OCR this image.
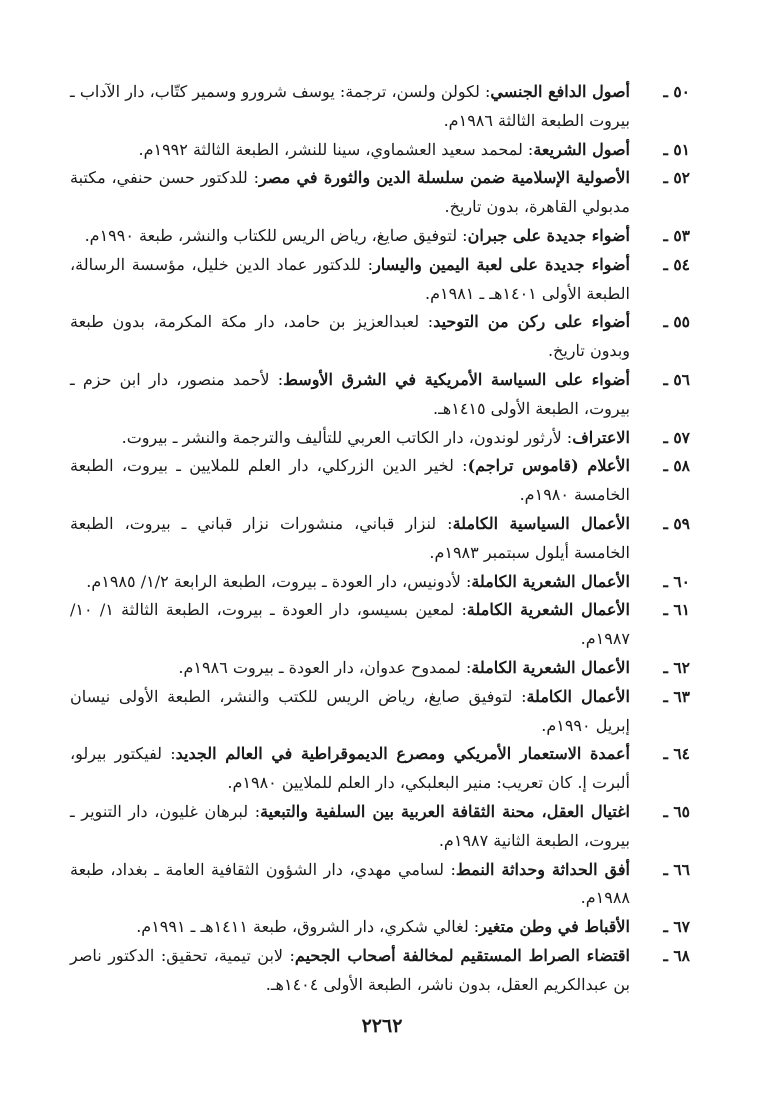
٥٠ ـ
أصول الدافع الجنسي: لكولن ولسن، ترجمة: يوسف شرورو وسمير كتّاب، دار الآداب ـ بيروت الطبعة الثالثة ١٩٨٦م.
٥١ ـ
أصول الشريعة: لمحمد سعيد العشماوي، سينا للنشر، الطبعة الثالثة ١٩٩٢م.
٥٢ ـ
الأصولية الإسلامية ضمن سلسلة الدين والثورة في مصر: للدكتور حسن حنفي، مكتبة مدبولي القاهرة، بدون تاريخ.
٥٣ ـ
أضواء جديدة على جبران: لتوفيق صايغ، رياض الريس للكتاب والنشر، طبعة ١٩٩٠م.
٥٤ ـ
أضواء جديدة على لعبة اليمين واليسار: للدكتور عماد الدين خليل، مؤسسة الرسالة، الطبعة الأولى ١٤٠١هـ ـ ١٩٨١م.
٥٥ ـ
أضواء على ركن من التوحيد: لعبدالعزيز بن حامد، دار مكة المكرمة، بدون طبعة وبدون تاريخ.
٥٦ ـ
أضواء على السياسة الأمريكية في الشرق الأوسط: لأحمد منصور، دار ابن حزم ـ بيروت، الطبعة الأولى ١٤١٥هـ.
٥٧ ـ
الاعتراف: لأرثور لوندون، دار الكاتب العربي للتأليف والترجمة والنشر ـ بيروت.
٥٨ ـ
الأعلام (قاموس تراجم): لخير الدين الزركلي، دار العلم للملايين ـ بيروت، الطبعة الخامسة ١٩٨٠م.
٥٩ ـ
الأعمال السياسية الكاملة: لنزار قباني، منشورات نزار قباني ـ بيروت، الطبعة الخامسة أيلول سبتمبر ١٩٨٣م.
٦٠ ـ
الأعمال الشعرية الكاملة: لأدونيس، دار العودة ـ بيروت، الطبعة الرابعة ١/٢/ ١٩٨٥م.
٦١ ـ
الأعمال الشعرية الكاملة: لمعين بسيسو، دار العودة ـ بيروت، الطبعة الثالثة ١/ ١٠/ ١٩٨٧م.
٦٢ ـ
الأعمال الشعرية الكاملة: لممدوح عدوان، دار العودة ـ بيروت ١٩٨٦م.
٦٣ ـ
الأعمال الكاملة: لتوفيق صايغ، رياض الريس للكتب والنشر، الطبعة الأولى نيسان إبريل ١٩٩٠م.
٦٤ ـ
أعمدة الاستعمار الأمريكي ومصرع الديموقراطية في العالم الجديد: لفيكتور بيرلو، ألبرت إ. كان تعريب: منير البعلبكي، دار العلم للملايين ١٩٨٠م.
٦٥ ـ
اغتيال العقل، محنة الثقافة العربية بين السلفية والتبعية: لبرهان غليون، دار التنوير ـ بيروت، الطبعة الثانية ١٩٨٧م.
٦٦ ـ
أفق الحداثة وحداثة النمط: لسامي مهدي، دار الشؤون الثقافية العامة ـ بغداد، طبعة ١٩٨٨م.
٦٧ ـ
الأقباط في وطن متغير: لغالي شكري، دار الشروق، طبعة ١٤١١هـ ـ ١٩٩١م.
٦٨ ـ
اقتضاء الصراط المستقيم لمخالفة أصحاب الجحيم: لابن تيمية، تحقيق: الدكتور ناصر بن عبدالكريم العقل، بدون ناشر، الطبعة الأولى ١٤٠٤هـ.
٢٢٦٢
